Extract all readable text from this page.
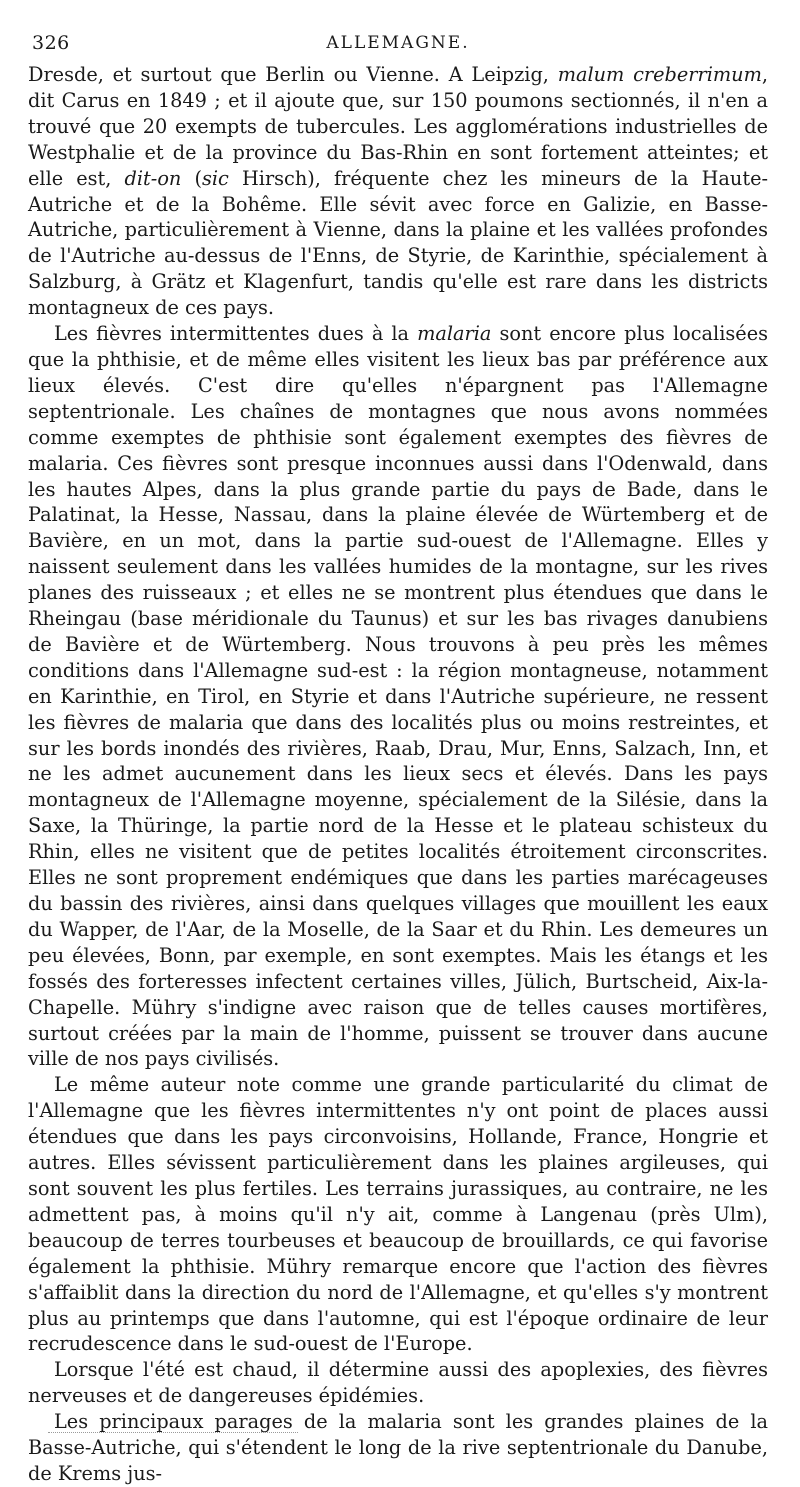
326	ALLEMAGNE.

Dresde, et surtout que Berlin ou Vienne. A Leipzig, malum creberrimum, dit Carus en 1849 ; et il ajoute que, sur 150 poumons sectionnés, il n'en a trouvé que 20 exempts de tubercules. Les agglomérations industrielles de Westphalie et de la province du Bas-Rhin en sont fortement atteintes; et elle est, dit-on (sic Hirsch), fréquente chez les mineurs de la Haute-Autriche et de la Bohême. Elle sévit avec force en Galizie, en Basse-Autriche, particulièrement à Vienne, dans la plaine et les vallées profondes de l'Autriche au-dessus de l'Enns, de Styrie, de Karinthie, spécialement à Salzburg, à Grätz et Klagenfurt, tandis qu'elle est rare dans les districts montagneux de ces pays.

Les fièvres intermittentes dues à la malaria sont encore plus localisées que la phthisie, et de même elles visitent les lieux bas par préférence aux lieux élevés. C'est dire qu'elles n'épargnent pas l'Allemagne septentrionale. Les chaînes de montagnes que nous avons nommées comme exemptes de phthisie sont également exemptes des fièvres de malaria. Ces fièvres sont presque inconnues aussi dans l'Odenwald, dans les hautes Alpes, dans la plus grande partie du pays de Bade, dans le Palatinat, la Hesse, Nassau, dans la plaine élevée de Würtemberg et de Bavière, en un mot, dans la partie sud-ouest de l'Allemagne. Elles y naissent seulement dans les vallées humides de la montagne, sur les rives planes des ruisseaux ; et elles ne se montrent plus étendues que dans le Rheingau (base méridionale du Taunus) et sur les bas rivages danubiens de Bavière et de Würtemberg. Nous trouvons à peu près les mêmes conditions dans l'Allemagne sud-est : la région montagneuse, notamment en Karinthie, en Tirol, en Styrie et dans l'Autriche supérieure, ne ressent les fièvres de malaria que dans des localités plus ou moins restreintes, et sur les bords inondés des rivières, Raab, Drau, Mur, Enns, Salzach, Inn, et ne les admet aucunement dans les lieux secs et élevés. Dans les pays montagneux de l'Allemagne moyenne, spécialement de la Silésie, dans la Saxe, la Thüringe, la partie nord de la Hesse et le plateau schisteux du Rhin, elles ne visitent que de petites localités étroitement circonscrites. Elles ne sont proprement endémiques que dans les parties marécageuses du bassin des rivières, ainsi dans quelques villages que mouillent les eaux du Wapper, de l'Aar, de la Moselle, de la Saar et du Rhin. Les demeures un peu élevées, Bonn, par exemple, en sont exemptes. Mais les étangs et les fossés des forteresses infectent certaines villes, Jülich, Burtscheid, Aix-la-Chapelle. Mühry s'indigne avec raison que de telles causes mortifères, surtout créées par la main de l'homme, puissent se trouver dans aucune ville de nos pays civilisés.

Le même auteur note comme une grande particularité du climat de l'Allemagne que les fièvres intermittentes n'y ont point de places aussi étendues que dans les pays circonvoisins, Hollande, France, Hongrie et autres. Elles sévissent particulièrement dans les plaines argileuses, qui sont souvent les plus fertiles. Les terrains jurassiques, au contraire, ne les admettent pas, à moins qu'il n'y ait, comme à Langenau (près Ulm), beaucoup de terres tourbeuses et beaucoup de brouillards, ce qui favorise également la phthisie. Mühry remarque encore que l'action des fièvres s'affaiblit dans la direction du nord de l'Allemagne, et qu'elles s'y montrent plus au printemps que dans l'automne, qui est l'époque ordinaire de leur recrudescence dans le sud-ouest de l'Europe.

Lorsque l'été est chaud, il détermine aussi des apoplexies, des fièvres nerveuses et de dangereuses épidémies.

Les principaux parages de la malaria sont les grandes plaines de la Basse-Autriche, qui s'étendent le long de la rive septentrionale du Danube, de Krems jus-
